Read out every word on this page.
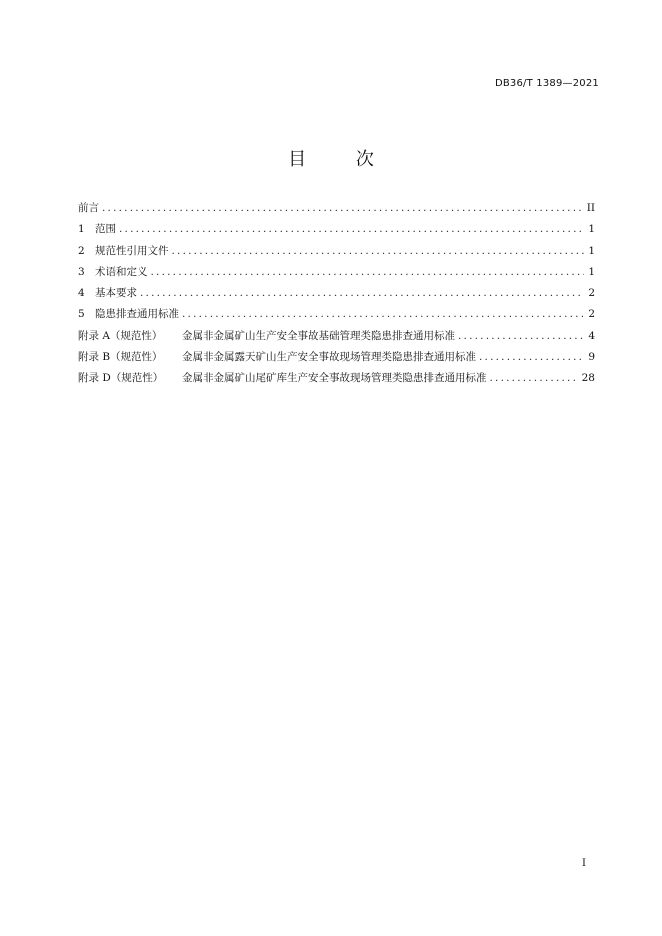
DB36/T 1389—2021
目 次
前言 .....	II
1 范围 .....	1
2 规范性引用文件 .....	1
3 术语和定义 .....	1
4 基本要求 .....	2
5 隐患排查通用标准 .....	2
附录 A（规范性）	金属非金属矿山生产安全事故基础管理类隐患排查通用标准 .....	4
附录 B（规范性）	金属非金属露天矿山生产安全事故现场管理类隐患排查通用标准 .....	9
附录 D（规范性）	金属非金属矿山尾矿库生产安全事故现场管理类隐患排查通用标准 .....	28
I
